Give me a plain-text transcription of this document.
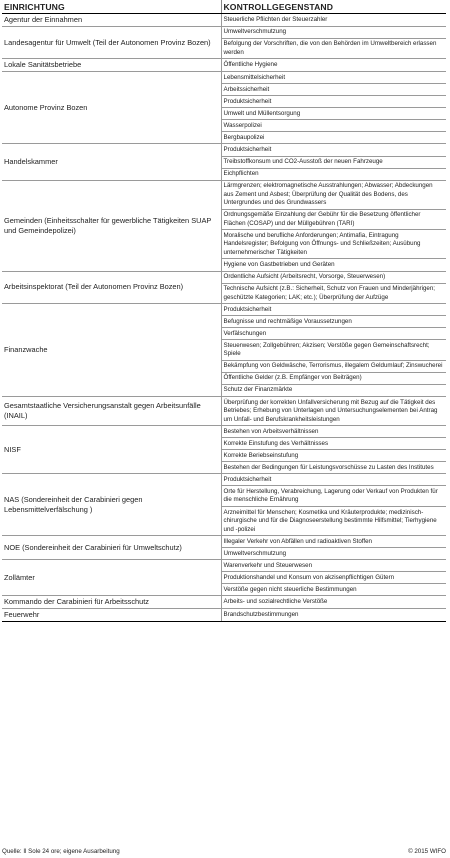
EINRICHTUNG	KONTROLLGEGENSTAND
Agentur der Einnahmen	Steuerliche Pflichten der Steuerzahler
Landesagentur für Umwelt (Teil der Autonomen Provinz Bozen)	Umweltverschmutzung
	Befolgung der Vorschriften, die von den Behörden im Umweltbereich erlassen werden
Lokale Sanitätsbetriebe	Öffentliche Hygiene
Autonome Provinz Bozen	Lebensmittelsicherheit
	Arbeitssicherheit
	Produktsicherheit
	Umwelt und Müllentsorgung
	Wasserpolizei
	Bergbaupolizei
Handelskammer	Produktsicherheit
	Treibstoffkonsum und CO2-Ausstoß der neuen Fahrzeuge
	Eichpflichten
Gemeinden (Einheitsschalter für gewerbliche Tätigkeiten SUAP und Gemeindepolizei)	Lärmgrenzen; elektromagnetische Ausstrahlungen; Abwasser; Abdeckungen aus Zement und Asbest; Überprüfung der Qualität des Bodens, des Untergrundes und des Grundwassers
	Ordnungsgemäße Einzahlung der Gebühr für die Besetzung öffentlicher Flächen (COSAP) und der Müllgebühren (TARI)
	Moralische und berufliche Anforderungen; Antimafia, Eintragung Handelsregister; Befolgung von Öffnungs- und Schließzeiten; Ausübung unternehmerischer Tätigkeiten
	Hygiene von Gastbetrieben und Geräten
Arbeitsinspektorat (Teil der Autonomen Provinz Bozen)	Ordentliche Aufsicht (Arbeitsrecht, Vorsorge, Steuerwesen)
	Technische Aufsicht (z.B.: Sicherheit, Schutz von Frauen und Minderjährigen; geschützte Kategorien; LAK; etc.); Überprüfung der Aufzüge
Finanzwache	Produktsicherheit
	Befugnisse und rechtmäßige Voraussetzungen
	Verfälschungen
	Steuerwesen; Zollgebühren; Akzisen; Verstöße gegen Gemeinschaftsrecht; Spiele
	Bekämpfung von Geldwäsche, Terrorismus, illegalem Geldumlauf; Zinswucherei
	Öffentliche Gelder (z.B. Empfänger von Beiträgen)
	Schutz der Finanzmärkte
Gesamtstaatliche Versicherungsanstalt gegen Arbeitsunfälle (INAIL)	Überprüfung der korrekten Unfallversicherung mit Bezug auf die Tätigkeit des Betriebes; Erhebung von Unterlagen und Untersuchungselementen bei Antrag um Unfall- und Berufskrankheitsleistungen
NISF	Bestehen von Arbeitsverhältnissen
	Korrekte Einstufung des Verhältnisses
	Korrekte Beriebseinstufung
	Bestehen der Bedingungen für Leistungsvorschüsse zu Lasten des Institutes
NAS (Sondereinheit der Carabinieri gegen Lebensmittelverfälschung )	Produktsicherheit
	Orte für Herstellung, Verabreichung, Lagerung oder Verkauf von Produkten für die menschliche Ernährung
	Arzneimittel für Menschen; Kosmetika und Kräuterprodukte; medizinisch-chirurgische und für die Diagnoseerstellung bestimmte Hilfsmittel; Tierhygiene und -polizei
NOE (Sondereinheit der Carabinieri für Umweltschutz)	Illegaler Verkehr von Abfällen und radioaktiven Stoffen
	Umweltverschmutzung
Zollämter	Warenverkehr und Steuerwesen
	Produktionshandel und Konsum von akzisenpflichtigen Gütern
	Verstöße gegen nicht steuerliche Bestimmungen
Kommando der Carabinieri für Arbeitsschutz	Arbeits- und sozialrechtliche Verstöße
Feuerwehr	Brandschutzbestimmungen
Quelle: Il Sole 24 ore; eigene Ausarbeitung	© 2015 WIFO
